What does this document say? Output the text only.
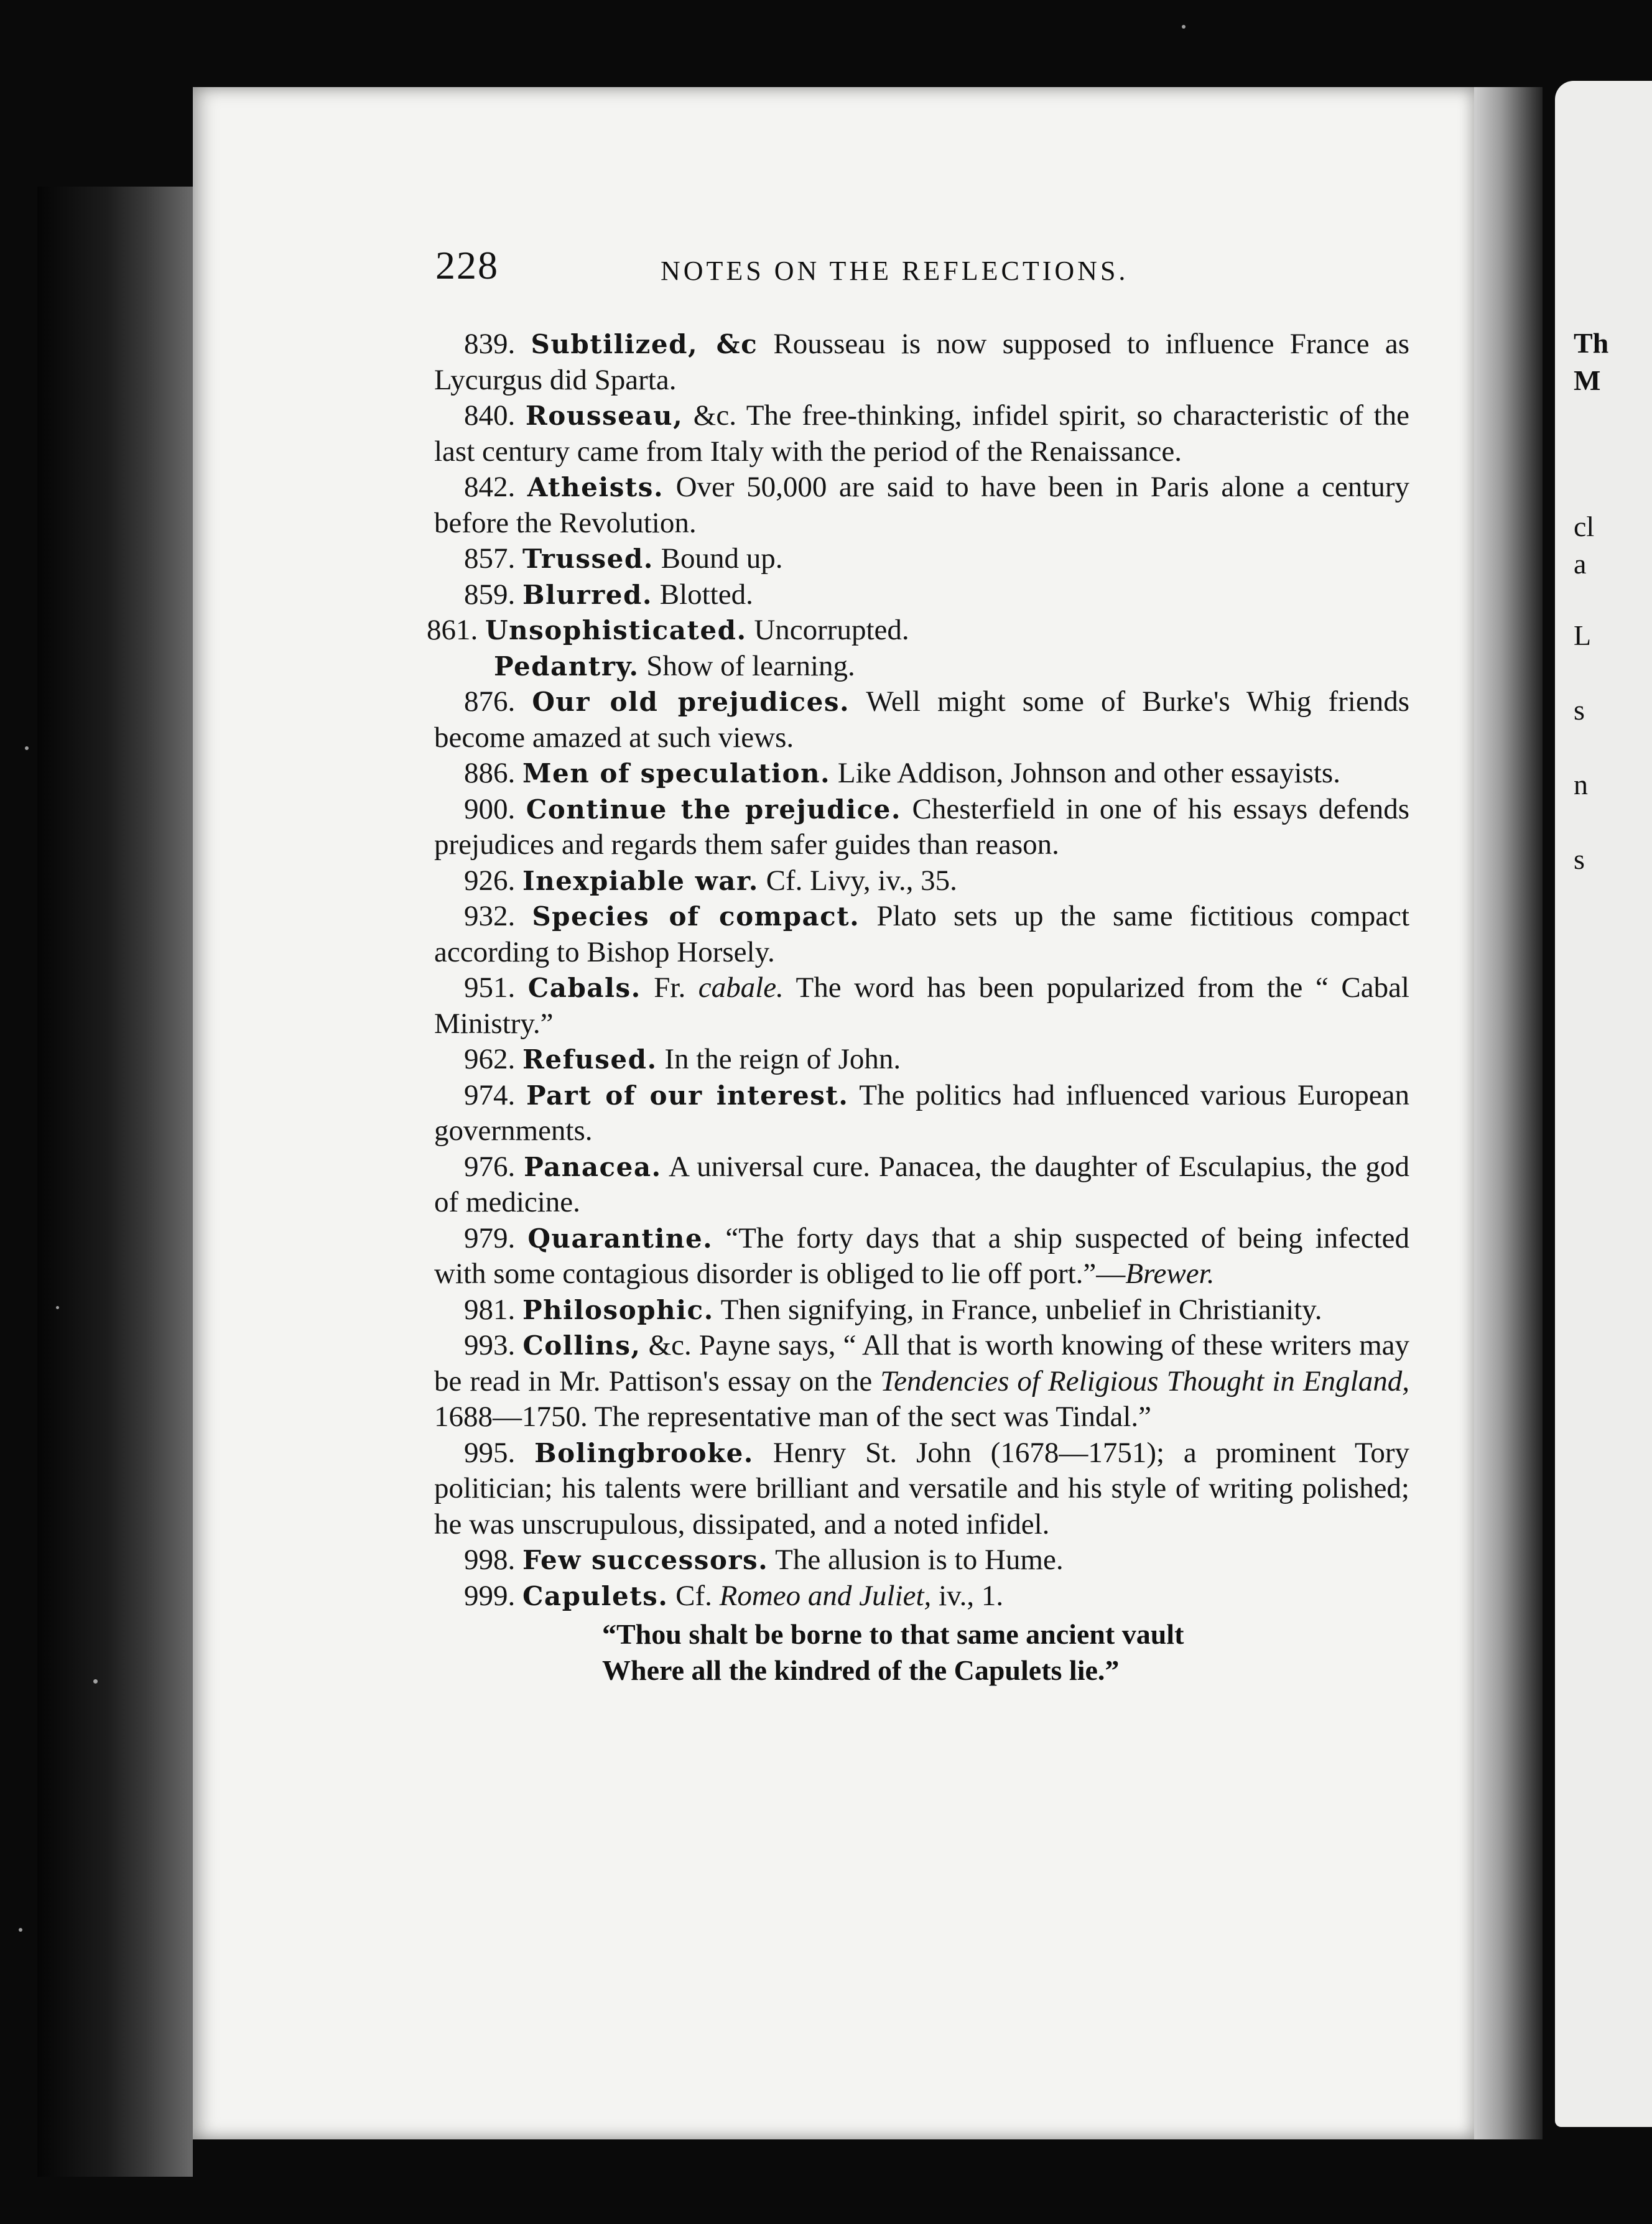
Th
M
cl
a
L
s
n
s
228	NOTES ON THE REFLECTIONS.

839. Subtilized, &c Rousseau is now supposed to influence France as Lycurgus did Sparta.

840. Rousseau, &c. The free-thinking, infidel spirit, so characteristic of the last century came from Italy with the period of the Renaissance.

842. Atheists. Over 50,000 are said to have been in Paris alone a century before the Revolution.

857. Trussed. Bound up.

859. Blurred. Blotted.

861. Unsophisticated. Uncorrupted.

Pedantry. Show of learning.

876. Our old prejudices. Well might some of Burke's Whig friends become amazed at such views.

886. Men of speculation. Like Addison, Johnson and other essayists.

900. Continue the prejudice. Chesterfield in one of his essays defends prejudices and regards them safer guides than reason.

926. Inexpiable war. Cf. Livy, iv., 35.

932. Species of compact. Plato sets up the same fictitious compact according to Bishop Horsely.

951. Cabals. Fr. cabale. The word has been popularized from the “ Cabal Ministry.”

962. Refused. In the reign of John.

974. Part of our interest. The politics had influenced various European governments.

976. Panacea. A universal cure. Panacea, the daughter of Esculapius, the god of medicine.

979. Quarantine. “The forty days that a ship suspected of being infected with some contagious disorder is obliged to lie off port.”—Brewer.

981. Philosophic. Then signifying, in France, unbelief in Christianity.

993. Collins, &c. Payne says, “ All that is worth knowing of these writers may be read in Mr. Pattison's essay on the Tendencies of Religious Thought in England, 1688—1750. The representative man of the sect was Tindal.”

995. Bolingbrooke. Henry St. John (1678—1751); a prominent Tory politician; his talents were brilliant and versatile and his style of writing polished; he was unscrupulous, dissipated, and a noted infidel.

998. Few successors. The allusion is to Hume.

999. Capulets. Cf. Romeo and Juliet, iv., 1.

“Thou shalt be borne to that same ancient vault
Where all the kindred of the Capulets lie.”
